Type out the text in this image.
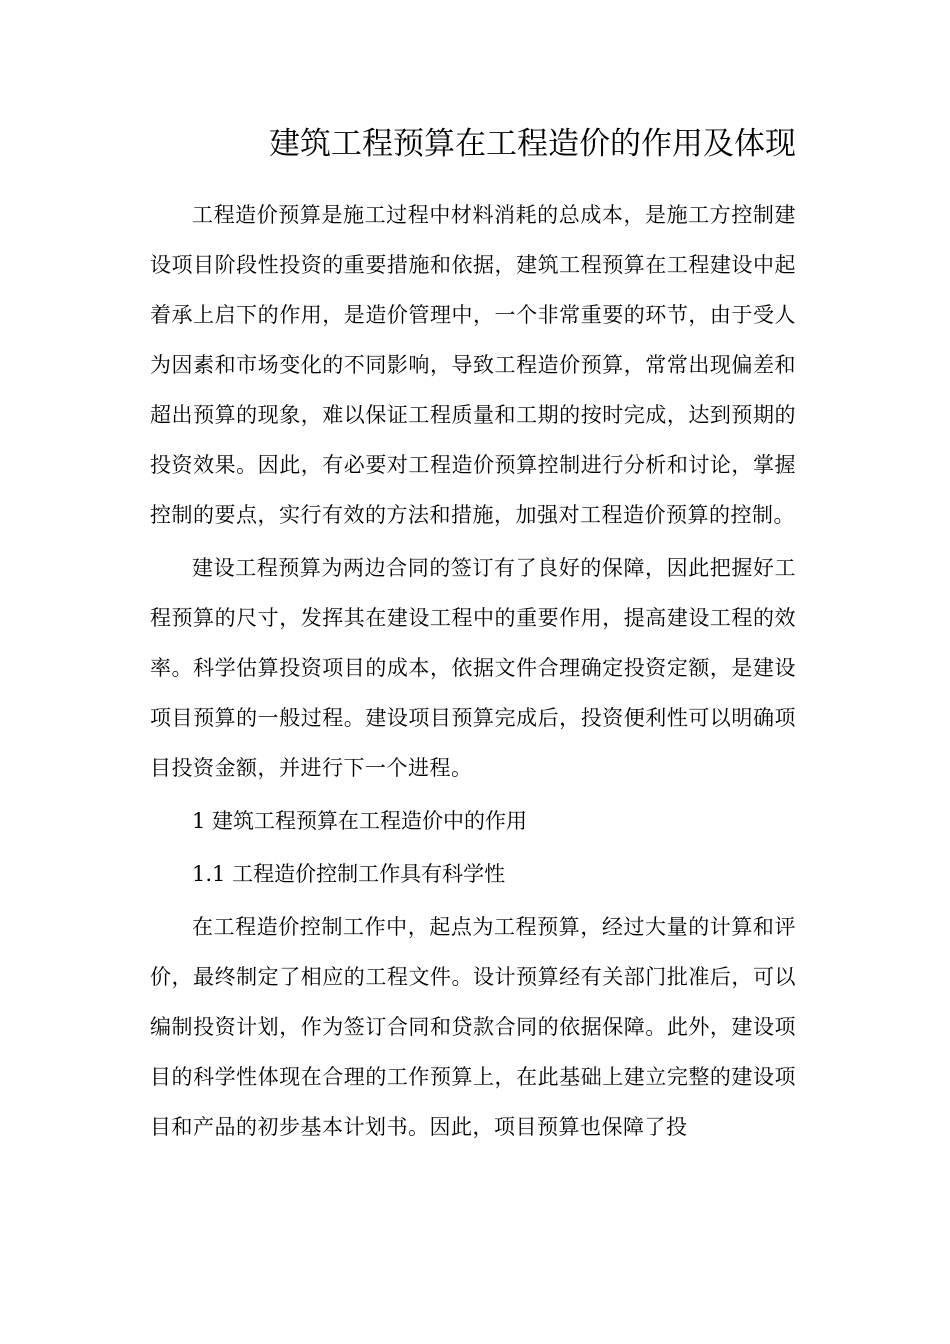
建筑工程预算在工程造价的作用及体现

工程造价预算是施工过程中材料消耗的总成本，是施工方控制建设项目阶段性投资的重要措施和依据，建筑工程预算在工程建设中起着承上启下的作用，是造价管理中，一个非常重要的环节，由于受人为因素和市场变化的不同影响，导致工程造价预算，常常出现偏差和超出预算的现象，难以保证工程质量和工期的按时完成，达到预期的投资效果。因此，有必要对工程造价预算控制进行分析和讨论，掌握控制的要点，实行有效的方法和措施，加强对工程造价预算的控制。

建设工程预算为两边合同的签订有了良好的保障，因此把握好工程预算的尺寸，发挥其在建设工程中的重要作用，提高建设工程的效率。科学估算投资项目的成本，依据文件合理确定投资定额，是建设项目预算的一般过程。建设项目预算完成后，投资便利性可以明确项目投资金额，并进行下一个进程。

1 建筑工程预算在工程造价中的作用

1.1 工程造价控制工作具有科学性

在工程造价控制工作中，起点为工程预算，经过大量的计算和评价，最终制定了相应的工程文件。设计预算经有关部门批准后，可以编制投资计划，作为签订合同和贷款合同的依据保障。此外，建设项目的科学性体现在合理的工作预算上，在此基础上建立完整的建设项目和产品的初步基本计划书。因此，项目预算也保障了投
